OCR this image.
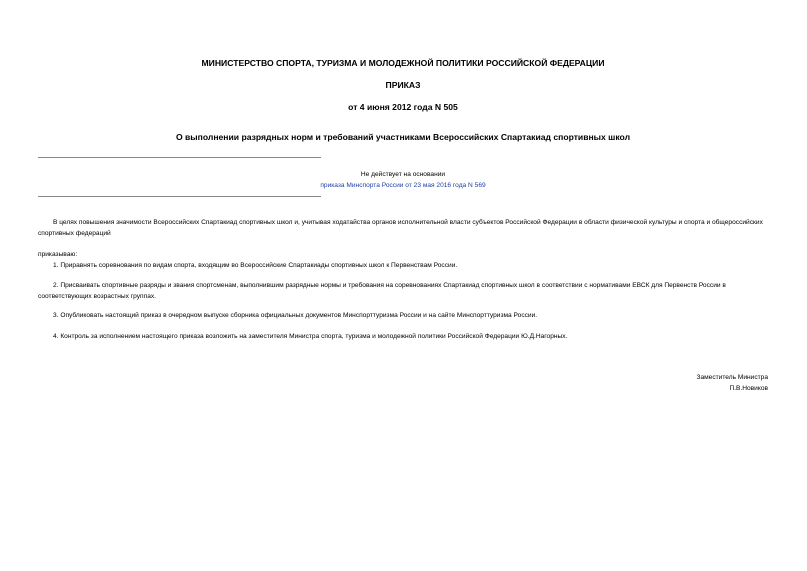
МИНИСТЕРСТВО СПОРТА, ТУРИЗМА И МОЛОДЕЖНОЙ ПОЛИТИКИ РОССИЙСКОЙ ФЕДЕРАЦИИ
ПРИКАЗ
от 4 июня 2012 года N 505
О выполнении разрядных норм и требований участниками Всероссийских Спартакиад спортивных школ
Не действует на основании
приказа Минспорта России от 23 мая 2016 года N 569
В целях повышения значимости Всероссийских Спартакиад спортивных школ и, учитывая ходатайства органов исполнительной власти субъектов Российской Федерации в области физической культуры и спорта и общероссийских спортивных федераций
приказываю:
1. Приравнять соревнования по видам спорта, входящим во Всероссийские Спартакиады спортивных школ к Первенствам России.
2. Присваивать спортивные разряды и звания спортсменам, выполнившим разрядные нормы и требования на соревнованиях Спартакиад спортивных школ в соответствии с нормативами ЕВСК для Первенств России в соответствующих возрастных группах.
3. Опубликовать настоящий приказ в очередном выпуске сборника официальных документов Минспорттуризма России и на сайте Минспорттуризма России.
4. Контроль за исполнением настоящего приказа возложить на заместителя Министра спорта, туризма и молодежной политики Российской Федерации Ю.Д.Нагорных.
Заместитель Министра
П.В.Новиков
